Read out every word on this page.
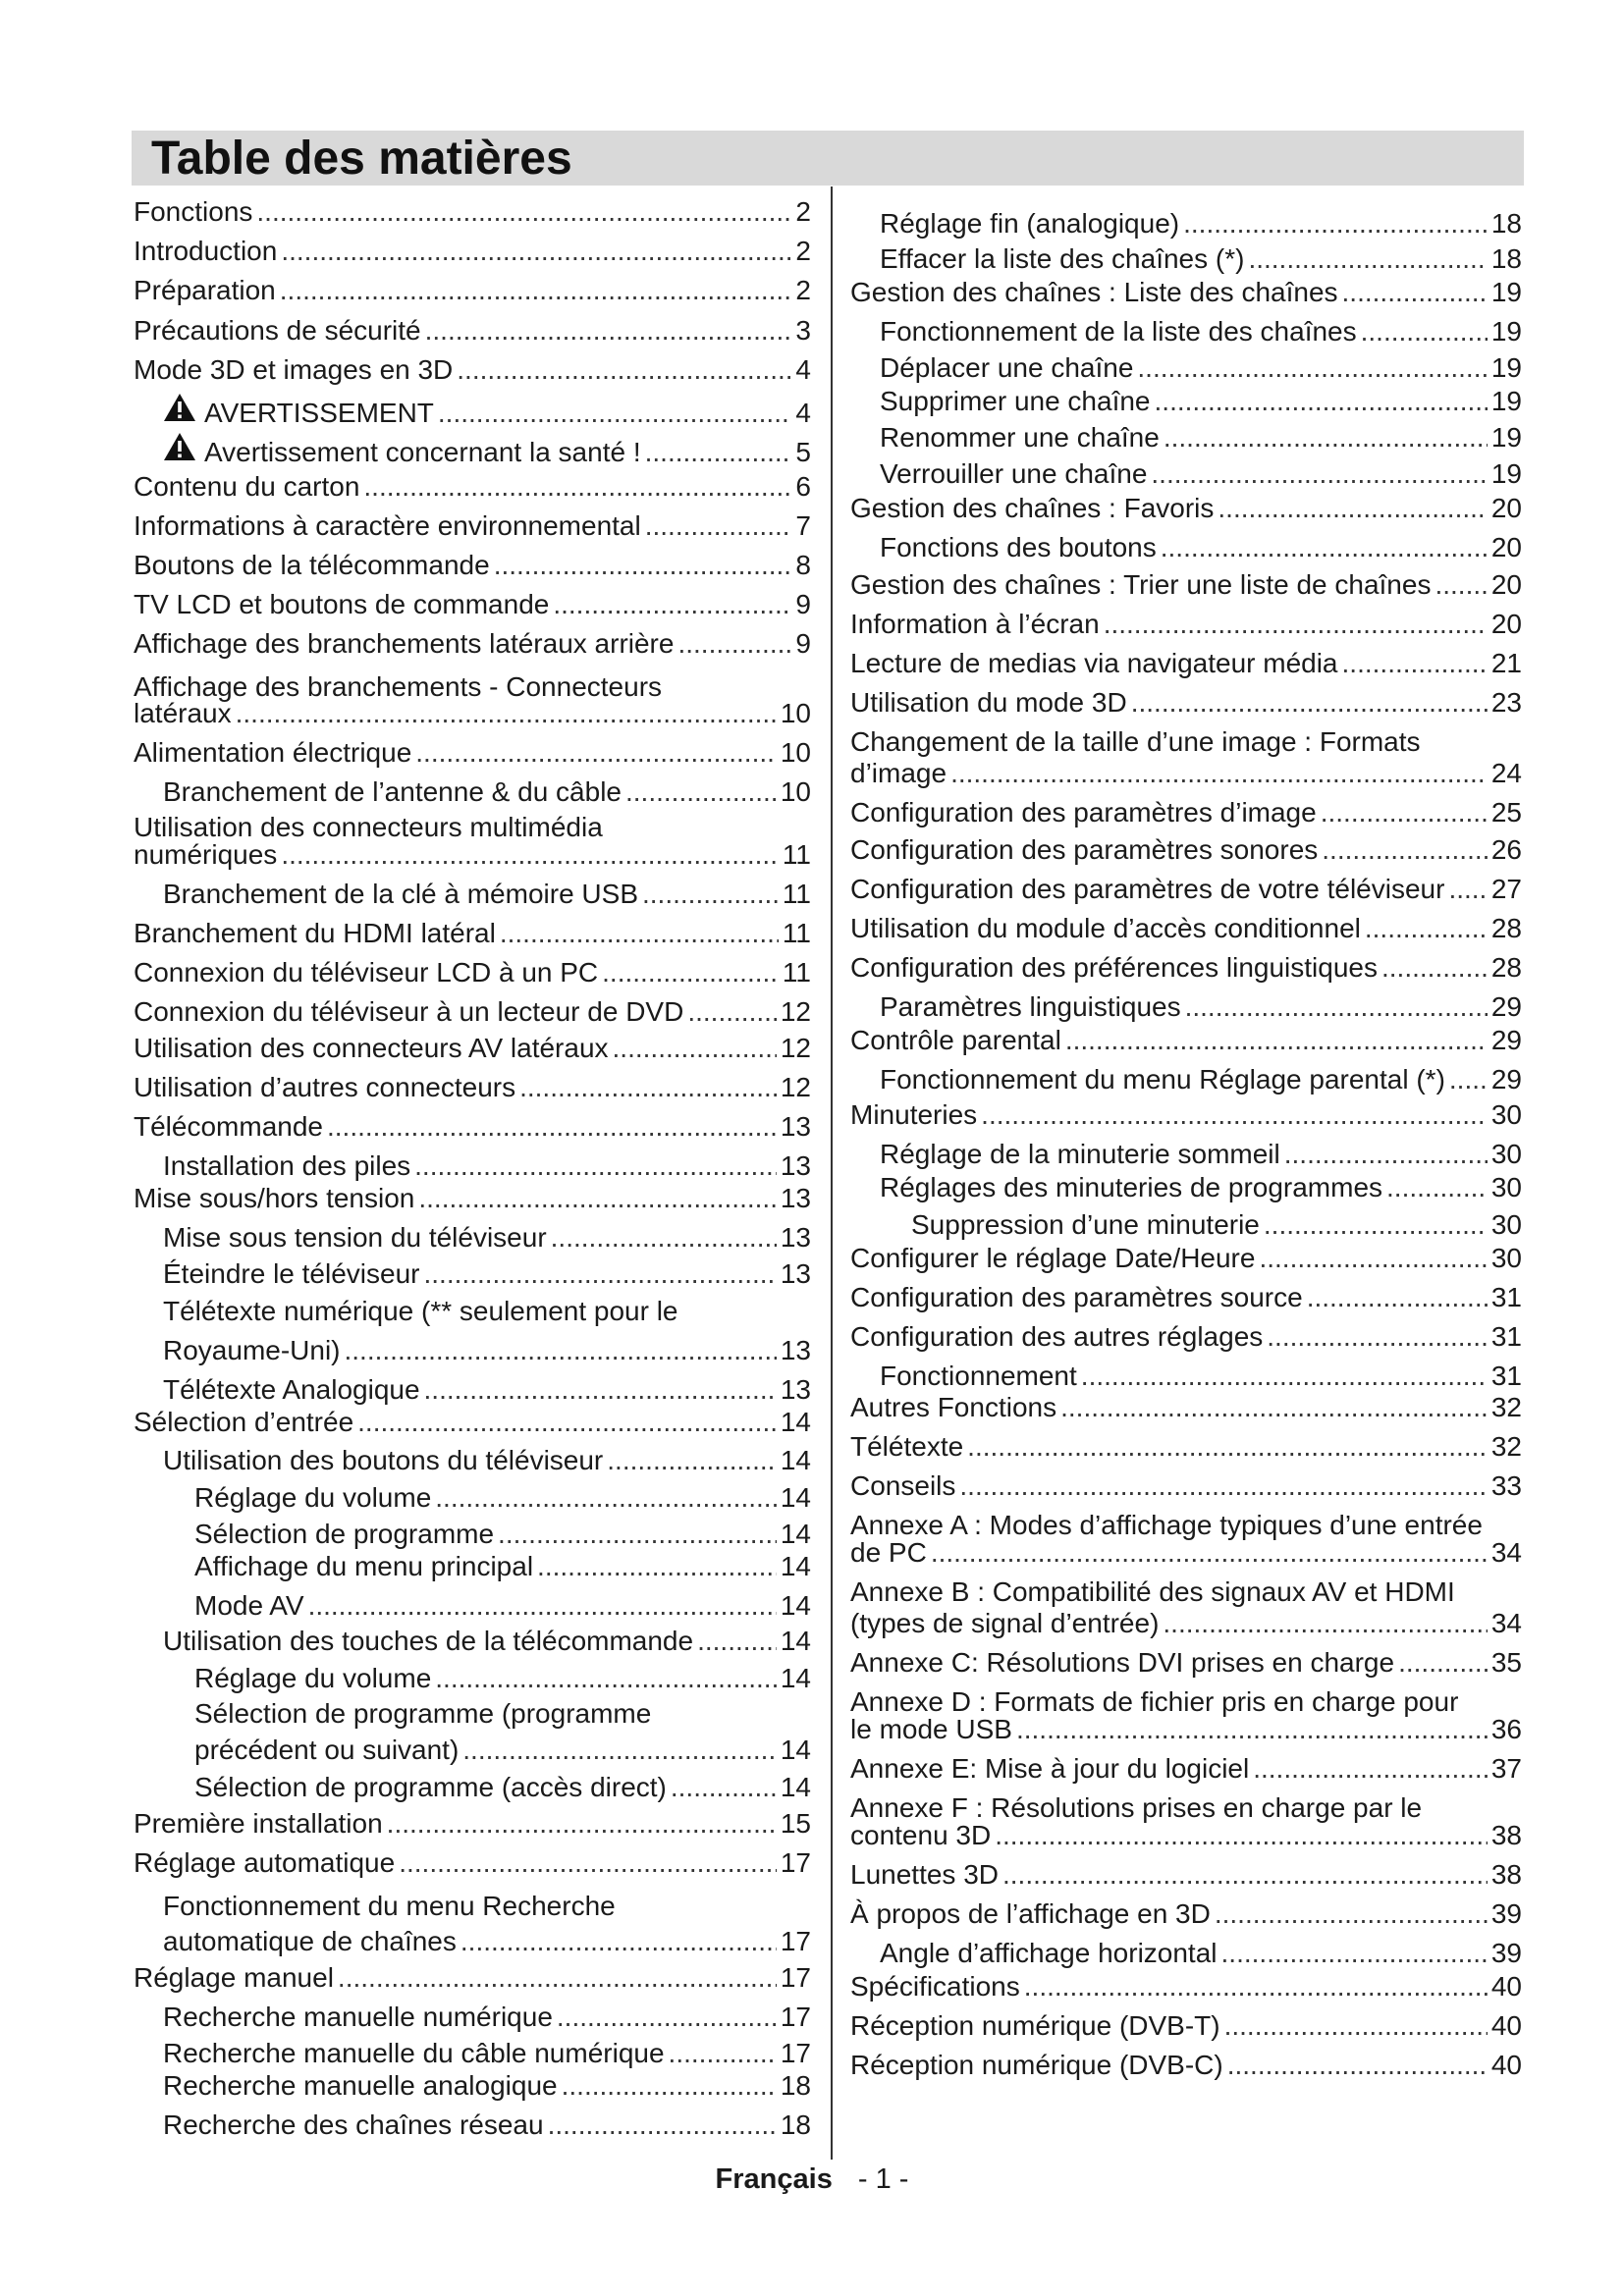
Table des matières
Fonctions .....	2
Introduction .....	2
Préparation .....	2
Précautions de sécurité .....	3
Mode 3D et images en 3D .....	4
AVERTISSEMENT .....	4
Avertissement concernant la santé ! .....	5
Contenu du carton .....	6
Informations à caractère environnemental .....	7
Boutons de la télécommande .....	8
TV LCD et boutons de commande .....	9
Affichage des branchements latéraux arrière .....	9
Affichage des branchements - Connecteurs
latéraux .....	10
Alimentation électrique .....	10
Branchement de l’antenne & du câble .....	10
Utilisation des connecteurs multimédia
numériques .....	11
Branchement de la clé à mémoire USB .....	11
Branchement du HDMI latéral .....	11
Connexion du téléviseur LCD à un PC .....	11
Connexion du téléviseur à un lecteur de DVD .....	12
Utilisation des connecteurs AV latéraux .....	12
Utilisation d’autres connecteurs .....	12
Télécommande .....	13
Installation des piles .....	13
Mise sous/hors tension .....	13
Mise sous tension du téléviseur .....	13
Éteindre le téléviseur .....	13
Télétexte numérique (** seulement pour le
Royaume-Uni) .....	13
Télétexte Analogique .....	13
Sélection d’entrée .....	14
Utilisation des boutons du téléviseur .....	14
Réglage du volume .....	14
Sélection de programme .....	14
Affichage du menu principal .....	14
Mode AV .....	14
Utilisation des touches de la télécommande .....	14
Réglage du volume .....	14
Sélection de programme (programme
précédent ou suivant) .....	14
Sélection de programme (accès direct) .....	14
Première installation .....	15
Réglage automatique .....	17
Fonctionnement du menu Recherche
automatique de chaînes .....	17
Réglage manuel .....	17
Recherche manuelle numérique .....	17
Recherche manuelle du câble numérique .....	17
Recherche manuelle analogique .....	18
Recherche des chaînes réseau .....	18
Réglage fin (analogique) .....	18
Effacer la liste des chaînes (*) .....	18
Gestion des chaînes : Liste des chaînes .....	19
Fonctionnement de la liste des chaînes .....	19
Déplacer une chaîne .....	19
Supprimer une chaîne .....	19
Renommer une chaîne .....	19
Verrouiller une chaîne .....	19
Gestion des chaînes : Favoris .....	20
Fonctions des boutons .....	20
Gestion des chaînes : Trier une liste de chaînes ..... 20
Information à l’écran .....	20
Lecture de medias via navigateur média .....	21
Utilisation du mode 3D .....	23
Changement de la taille d’une image : Formats
d’image .....	24
Configuration des paramètres d’image .....	25
Configuration des paramètres sonores .....	26
Configuration des paramètres de votre téléviseur ..... 27
Utilisation du module d’accès conditionnel .....	28
Configuration des préférences linguistiques .....	28
Paramètres linguistiques .....	29
Contrôle parental .....	29
Fonctionnement du menu Réglage parental (*) ..... 29
Minuteries .....	30
Réglage de la minuterie sommeil .....	30
Réglages des minuteries de programmes .....	30
Suppression d’une minuterie .....	30
Configurer le réglage Date/Heure .....	30
Configuration des paramètres source .....	31
Configuration des autres réglages .....	31
Fonctionnement .....	31
Autres Fonctions .....	32
Télétexte .....	32
Conseils .....	33
Annexe A : Modes d’affichage typiques d’une entrée
de PC .....	34
Annexe B : Compatibilité des signaux AV et HDMI
(types de signal d’entrée) .....	34
Annexe C: Résolutions DVI prises en charge .....	35
Annexe D : Formats de fichier pris en charge pour
le mode USB .....	36
Annexe E: Mise à jour du logiciel .....	37
Annexe F : Résolutions prises en charge par le
contenu 3D .....	38
Lunettes 3D .....	38
À propos de l’affichage en 3D .....	39
Angle d’affichage horizontal .....	39
Spécifications .....	40
Réception numérique (DVB-T) .....	40
Réception numérique (DVB-C) .....	40
Français - 1 -
